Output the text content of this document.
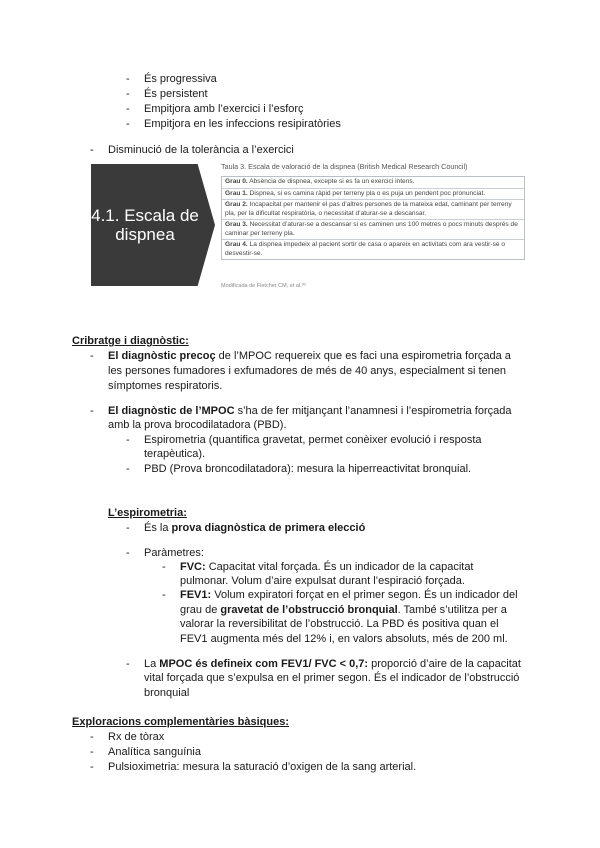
-	És progressiva
-	És persistent
-	Empitjora amb l’exercici i l’esforç
-	Empitjora en les infeccions resipiratòries
-	Disminució de la tolerància a l’exercici
4.1. Escala de dispnea
Taula 3. Escala de valoració de la dispnea (British Medical Research Council)
Grau 0. Absència de dispnea, excepte si es fa un exercici intens.
Grau 1. Dispnea, si es camina ràpid per terreny pla o es puja un pendent poc pronunciat.
Grau 2. Incapacitat per mantenir el pas d’altres persones de la mateixa edat, caminant per terreny pla, per la dificultat respiratòria, o necessitat d’aturar-se a descansar.
Grau 3. Necessitat d’aturar-se a descansar si es caminen uns 100 metres o pocs minuts després de caminar per terreny pla.
Grau 4. La dispnea impedeix al pacient sortir de casa o apareix en activitats com ara vestir-se o desvestir-se.
Modificada de Fletcher CM, et al.³⁰
Cribratge i diagnòstic:
-	El diagnòstic precoç de l’MPOC requereix que es faci una espirometria forçada a
les persones fumadores i exfumadores de més de 40 anys, especialment si tenen
símptomes respiratoris.
-	El diagnòstic de l’MPOC s’ha de fer mitjançant l’anamnesi i l’espirometria forçada
amb la prova brocodilatadora (PBD).
-	Espirometria (quantifica gravetat, permet conèixer evolució i resposta
terapèutica).
-	PBD (Prova broncodilatadora): mesura la hiperreactivitat bronquial.
L’espirometria:
-	És la prova diagnòstica de primera elecció
-	Paràmetres:
-	FVC: Capacitat vital forçada. És un indicador de la capacitat
pulmonar. Volum d’aire expulsat durant l’espiració forçada.
-	FEV1: Volum expiratori forçat en el primer segon. És un indicador del
grau de gravetat de l’obstrucció bronquial. També s’utilitza per a
valorar la reversibilitat de l’obstrucció. La PBD és positiva quan el
FEV1 augmenta més del 12% i, en valors absoluts, més de 200 ml.
-	La MPOC és defineix com FEV1/ FVC < 0,7: proporció d’aire de la capacitat
vital forçada que s’expulsa en el primer segon. És el indicador de l’obstrucció
bronquial
Exploracions complementàries bàsiques:
-	Rx de tòrax
-	Analítica sanguínia
-	Pulsioximetria: mesura la saturació d’oxigen de la sang arterial.
